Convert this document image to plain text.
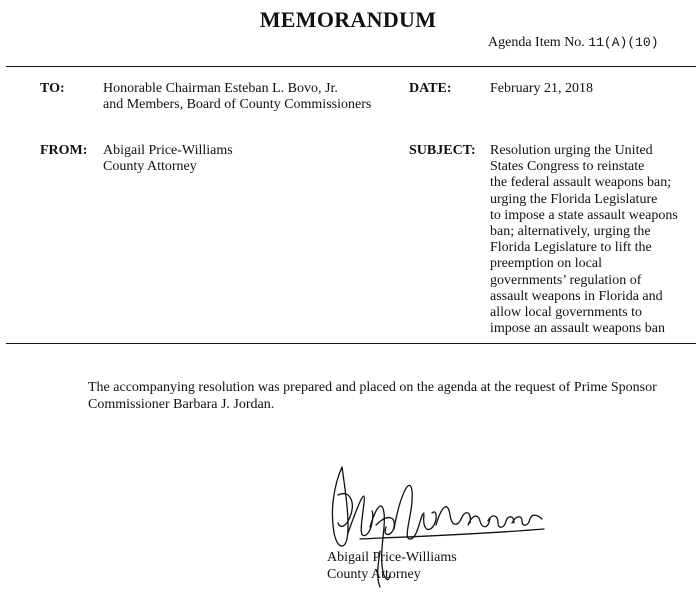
MEMORANDUM
Agenda Item No. 11(A)(10)
TO:	Honorable Chairman Esteban L. Bovo, Jr.
and Members, Board of County Commissioners
DATE:	February 21, 2018
FROM: Abigail Price-Williams
County Attorney
SUBJECT: Resolution urging the United
States Congress to reinstate
the federal assault weapons ban;
urging the Florida Legislature
to impose a state assault weapons
ban; alternatively, urging the
Florida Legislature to lift the
preemption on local
governments’ regulation of
assault weapons in Florida and
allow local governments to
impose an assault weapons ban
The accompanying resolution was prepared and placed on the agenda at the request of Prime Sponsor
Commissioner Barbara J. Jordan.
Abigail Price-Williams
County Attorney
